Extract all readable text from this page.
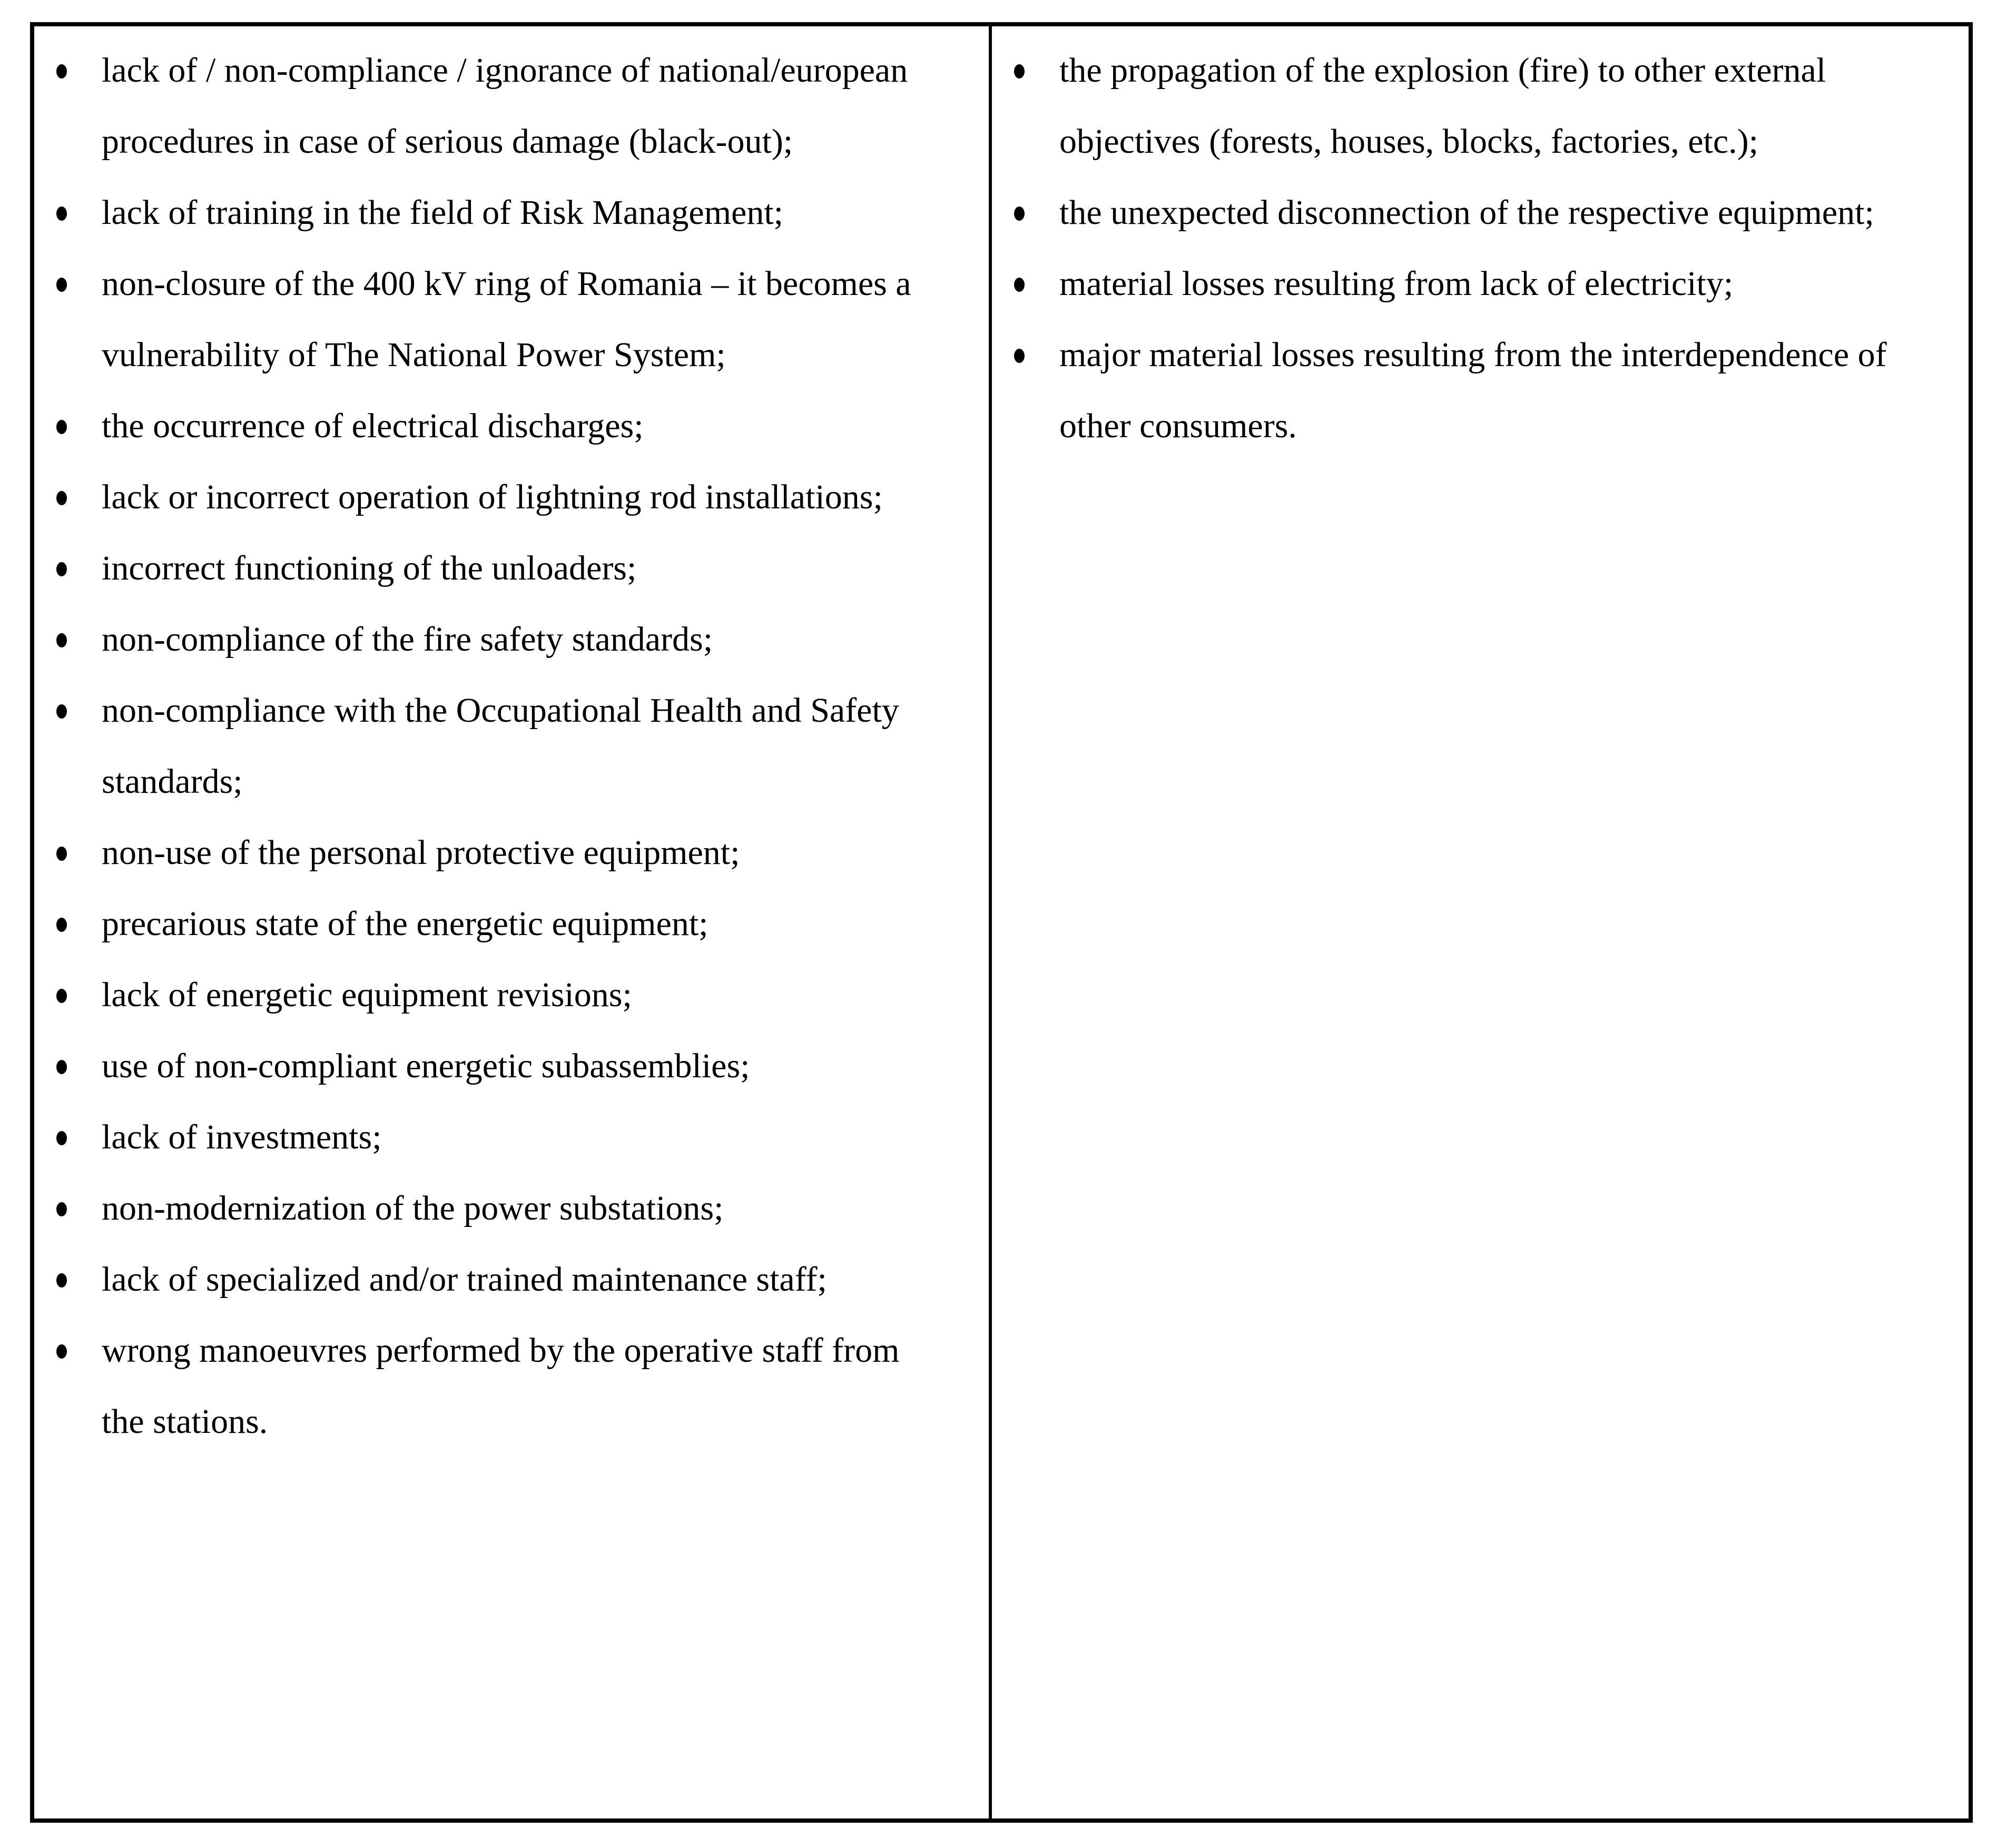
lack of / non-compliance / ignorance of national/european procedures in case of serious damage (black-out);
lack of training in the field of Risk Management;
non-closure of the 400 kV ring of Romania – it becomes a vulnerability of The National Power System;
the occurrence of electrical discharges;
lack or incorrect operation of lightning rod installations;
incorrect functioning of the unloaders;
non-compliance of the fire safety standards;
non-compliance with the Occupational Health and Safety standards;
non-use of the personal protective equipment;
precarious state of the energetic equipment;
lack of energetic equipment revisions;
use of non-compliant energetic subassemblies;
lack of investments;
non-modernization of the power substations;
lack of specialized and/or trained maintenance staff;
wrong manoeuvres performed by the operative staff from   the stations.
the propagation of the explosion (fire) to other external objectives (forests, houses, blocks, factories, etc.);
the unexpected disconnection of the respective equipment;
material losses resulting from lack of electricity;
major material losses resulting from the interdependence of other consumers.
